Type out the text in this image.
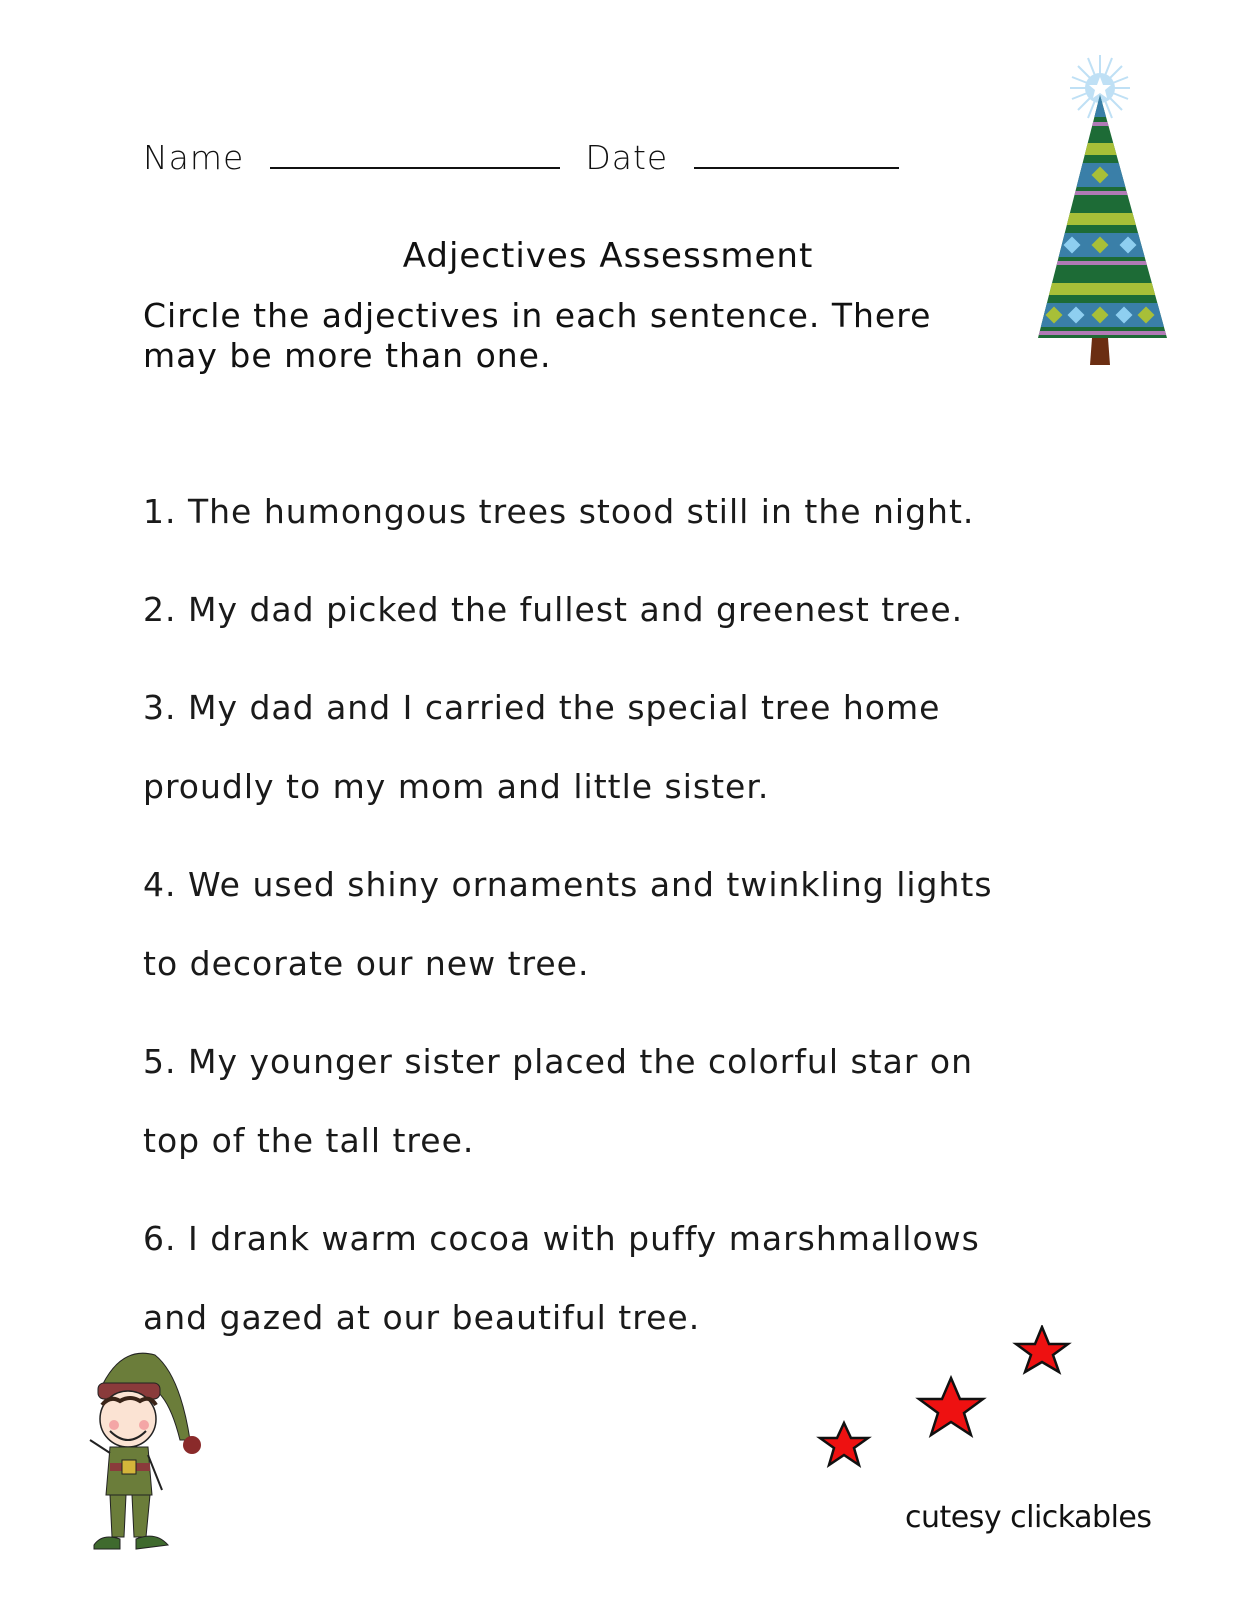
Name	Date
Adjectives Assessment
Circle the adjectives in each sentence. There may be more than one.
1. The humongous trees stood still in the night.
2. My dad picked the fullest and greenest tree.
3. My dad and I carried the special tree home
proudly to my mom and little sister.
4. We used shiny ornaments and twinkling lights
to decorate our new tree.
5. My younger sister placed the colorful star on
top of the tall tree.
6. I drank warm cocoa with puffy marshmallows
and gazed at our beautiful tree.
cutesy clickables
